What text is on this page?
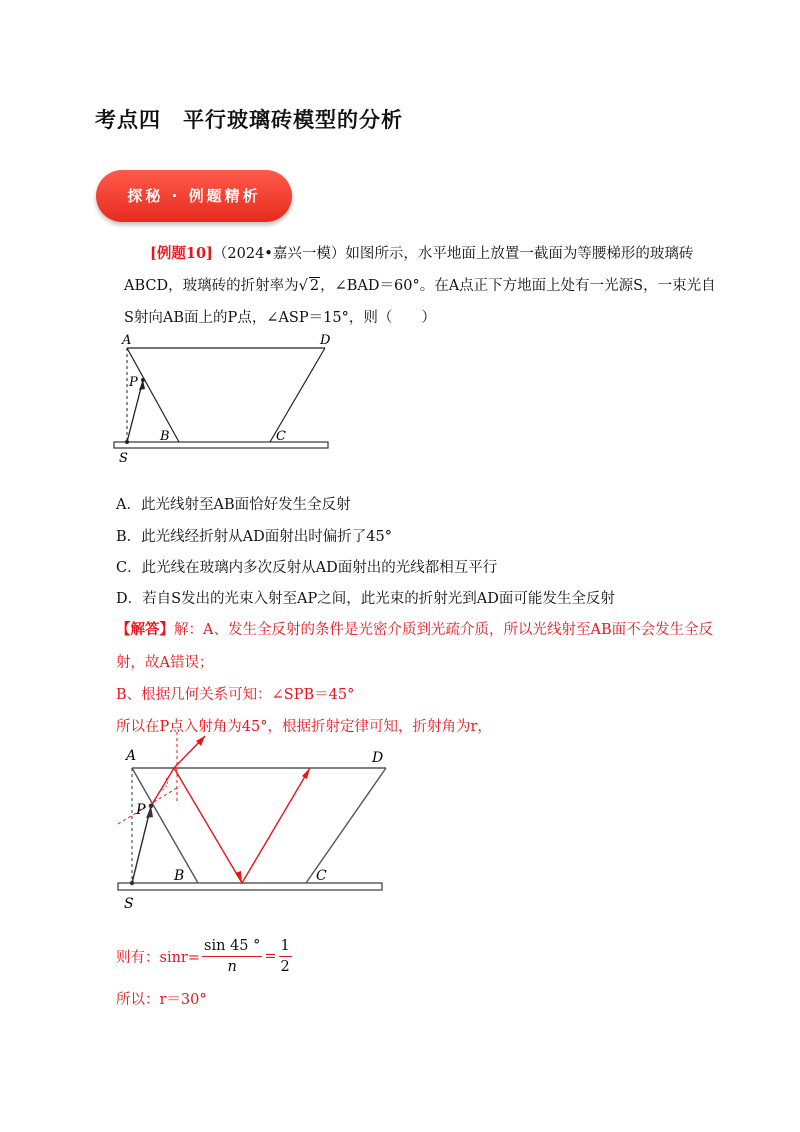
考点四　平行玻璃砖模型的分析
探秘 · 例题精析
[例题10]（2024•嘉兴一模）如图所示，水平地面上放置一截面为等腰梯形的玻璃砖
ABCD，玻璃砖的折射率为√ 2，∠BAD＝60°。在A点正下方地面上处有一光源S，一束光自
S射向AB面上的P点，∠ASP＝15°，则（　　）
A	D
P
B	C
S
A．此光线射至AB面恰好发生全反射
B．此光线经折射从AD面射出时偏折了45°
C．此光线在玻璃内多次反射从AD面射出的光线都相互平行
D．若自S发出的光束入射至AP之间，此光束的折射光到AD面可能发生全反射
【解答】解：A、发生全反射的条件是光密介质到光疏介质，所以光线射至AB面不会发生全反
射，故A错误；
B、根据几何关系可知：∠SPB＝45°
所以在P点入射角为45°，根据折射定律可知，折射角为r，
A	D
P
B	C
S
则有：$\sin r= \frac{\sin 45 ^\circ}{n} = \frac{1}{2}$
所以：r＝30°
